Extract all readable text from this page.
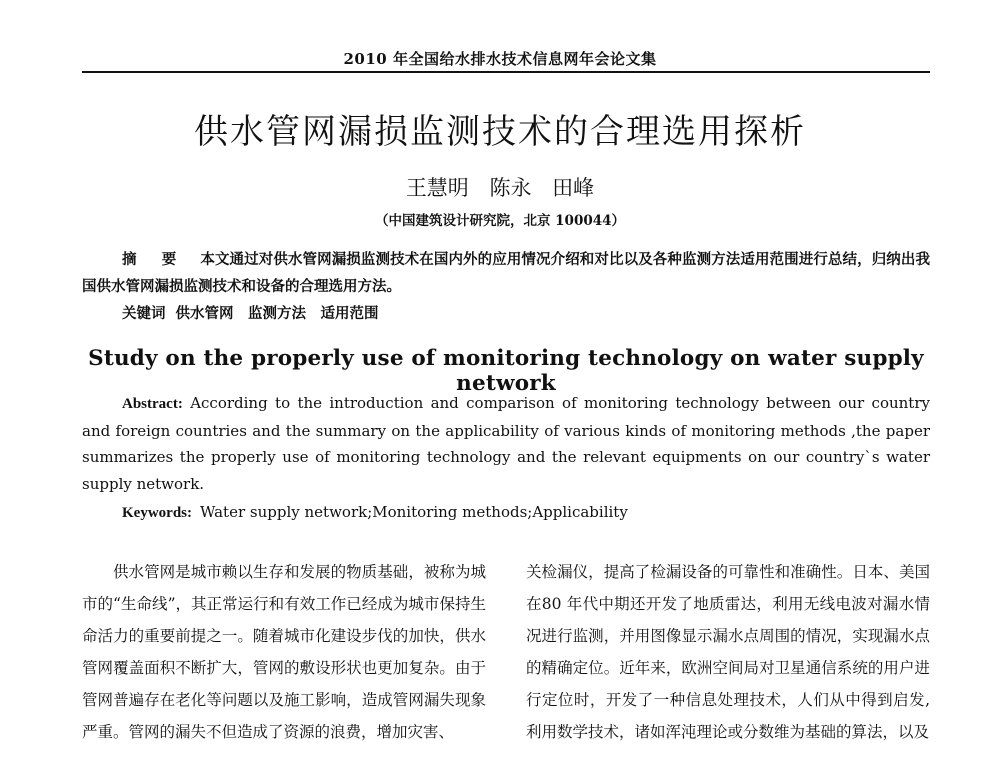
2010 年全国给水排水技术信息网年会论文集
供水管网漏损监测技术的合理选用探析
王慧明 陈永 田峰
（中国建筑设计研究院，北京 100044）
摘 要 本文通过对供水管网漏损监测技术在国内外的应用情况介绍和对比以及各种监测方法适用范围进行总结，归纳出我国供水管网漏损监测技术和设备的合理选用方法。
关键词 供水管网　监测方法　适用范围
Study on the properly use of monitoring technology on water supply network
Abstract: According to the introduction and comparison of monitoring technology between our country and foreign countries and the summary on the applicability of various kinds of monitoring methods ,the paper summarizes the properly use of monitoring technology and the relevant equipments on our country`s water supply network.
Keywords: Water supply network;Monitoring methods;Applicability

供水管网是城市赖以生存和发展的物质基础，被称为城市的“生命线”，其正常运行和有效工作已经成为城市保持生命活力的重要前提之一。随着城市化建设步伐的加快，供水管网覆盖面积不断扩大，管网的敷设形状也更加复杂。由于管网普遍存在老化等问题以及施工影响，造成管网漏失现象严重。管网的漏失不但造成了资源的浪费，增加灾害、

关检漏仪，提高了检漏设备的可靠性和准确性。日本、美国在80 年代中期还开发了地质雷达，利用无线电波对漏水情况进行监测，并用图像显示漏水点周围的情况，实现漏水点的精确定位。近年来，欧洲空间局对卫星通信系统的用户进行定位时，开发了一种信息处理技术，人们从中得到启发,利用数学技术，诸如浑沌理论或分数维为基础的算法，以及
